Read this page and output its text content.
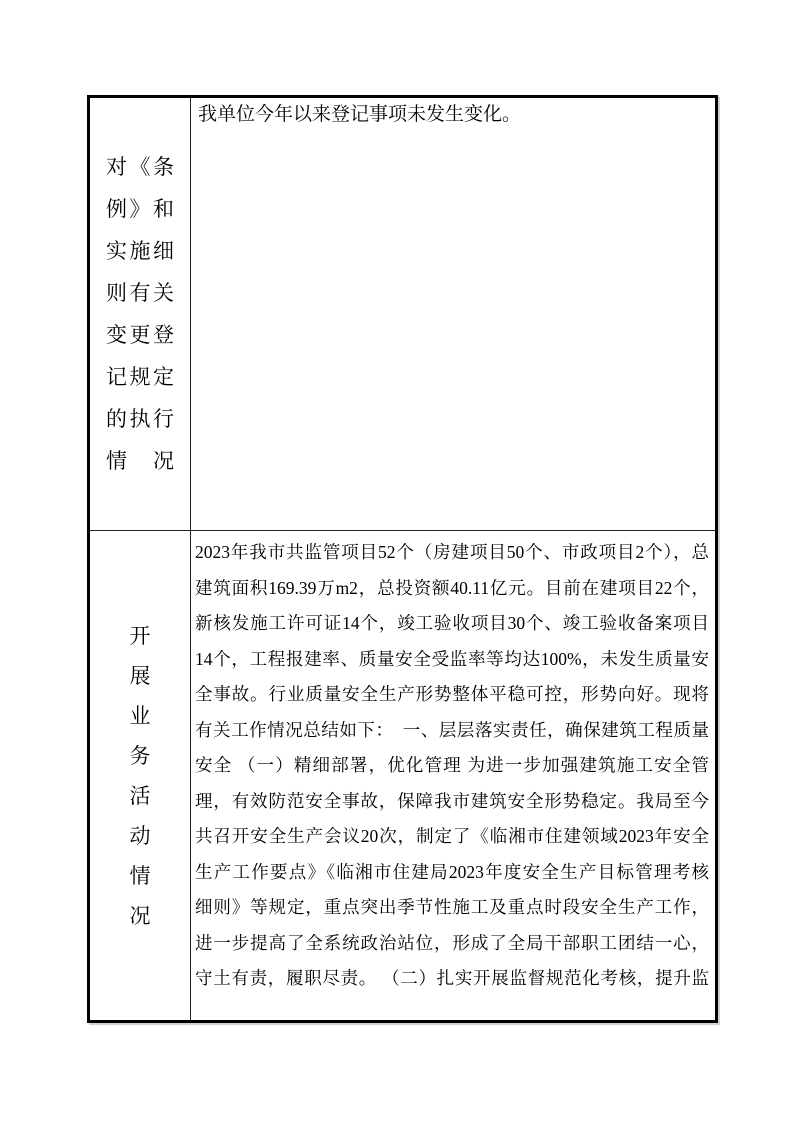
对《条
例》和
实施细
则有关
变更登
记规定
的执行
情况
我单位今年以来登记事项未发生变化。
开
展
业
务
活
动
情
况
2023年我市共监管项目52个（房建项目50个、市政项目2个），总
建筑面积169.39万m2，总投资额40.11亿元。目前在建项目22个，
新核发施工许可证14个，竣工验收项目30个、竣工验收备案项目
14个，工程报建率、质量安全受监率等均达100%，未发生质量安
全事故。行业质量安全生产形势整体平稳可控，形势向好。现将
有关工作情况总结如下：　一、层层落实责任，确保建筑工程质量
安全 （一）精细部署，优化管理 为进一步加强建筑施工安全管
理，有效防范安全事故，保障我市建筑安全形势稳定。我局至今
共召开安全生产会议20次，制定了《临湘市住建领域2023年安全
生产工作要点》《临湘市住建局2023年度安全生产目标管理考核
细则》等规定，重点突出季节性施工及重点时段安全生产工作，
进一步提高了全系统政治站位，形成了全局干部职工团结一心，
守土有责，履职尽责。 （二）扎实开展监督规范化考核，提升监
